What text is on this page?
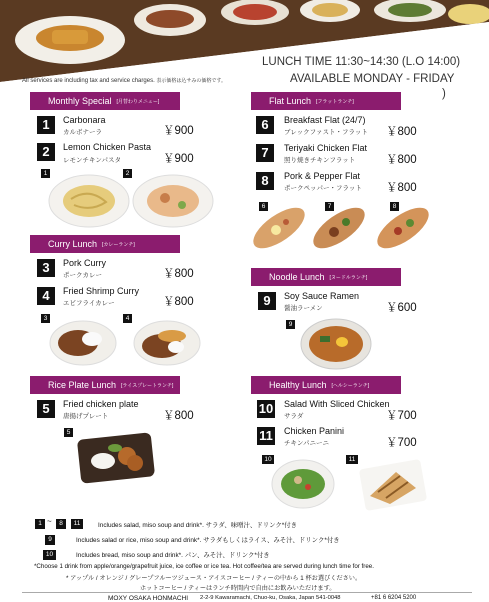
LUNCH TIME 11:30~14:30 (L.O 14:00)
AVAILABLE MONDAY - FRIDAY
)
All services are including tax and service charges. 表示価格は込サみの価格です。
Monthly Special [月替わりメニュー]	Flat Lunch [フラットランチ]
Curry Lunch [カレーランチ]
Noodle Lunch [ヌードルランチ]
Rice Plate Lunch [ライスプレートランチ]	Healthy Lunch [ヘルシーランチ]
1	Carbonara
カルボナーラ	￥900
2	Lemon Chicken Pasta
レモンチキンパスタ	￥900
1	2
3	Pork Curry
ポークカレー	￥800
4	Fried Shrimp Curry
エビフライカレー	￥800
3	4
5	Fried chicken plate
唐揚げプレート	￥800
5
6	Breakfast Flat (24/7)
ブレックファスト・フラット ￥800
7	Teriyaki Chicken Flat
照り焼きチキンフラット	￥800
8	Pork & Pepper Flat
ポークペッパー・フラット ￥800
6	7	8
9	Soy Sauce Ramen
醤油ラーメン	￥600
9
10 Salad With Sliced Chicken
サラダ	￥700
11 Chicken Panini
チキンパニーニ	￥700
10	11
1 ~	8	11	Includes salad, miso soup and drink*. サラダ、味噌汁、ドリンク*付き
9	Includes salad or rice, miso soup and drink*. サラダもしくはライス、みそ汁、ドリンク*付き
10	Includes bread, miso soup and drink*. パン、みそ汁、ドリンク*付き
*Choose 1 drink from apple/orange/grapefruit juice, ice coffee or ice tea. Hot coffee/tea are served during lunch time for free.
* アップル / オレンジ / グレープフルーツジュース・アイスコーヒー / ティーの中から 1 杯お選びください。
ホットコーヒー / ティーはランチ時間内で自由にお飲みいただけます。
MOXY OSAKA HONMACHI 2-2-9 Kawaramachi, Chuo-ku, Osaka, Japan 541-0048	+81 6 6204 5200
